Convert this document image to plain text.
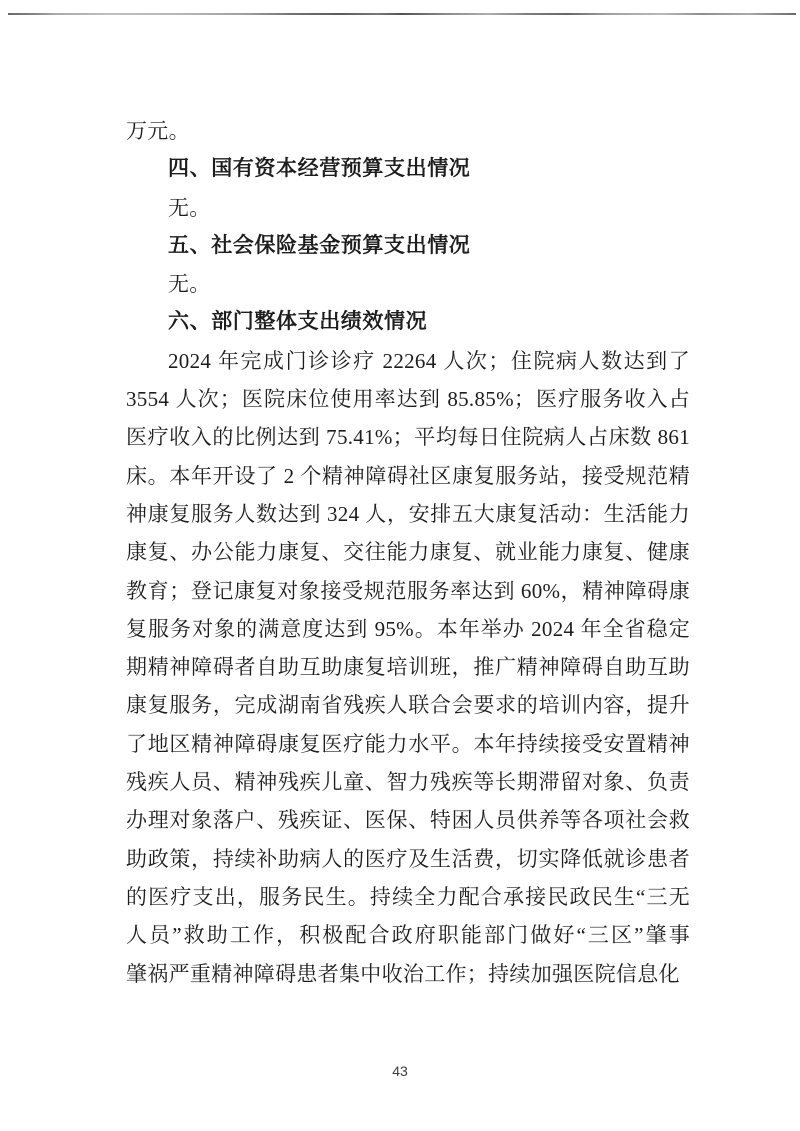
万元。

四、国有资本经营预算支出情况

无。

五、社会保险基金预算支出情况

无。

六、部门整体支出绩效情况

2024 年完成门诊诊疗 22264 人次；住院病人数达到了

3554 人次；医院床位使用率达到 85.85%；医疗服务收入占

医疗收入的比例达到 75.41%；平均每日住院病人占床数 861

床。本年开设了 2 个精神障碍社区康复服务站，接受规范精

神康复服务人数达到 324 人，安排五大康复活动：生活能力

康复、办公能力康复、交往能力康复、就业能力康复、健康

教育；登记康复对象接受规范服务率达到 60%，精神障碍康

复服务对象的满意度达到 95%。本年举办 2024 年全省稳定

期精神障碍者自助互助康复培训班，推广精神障碍自助互助

康复服务，完成湖南省残疾人联合会要求的培训内容，提升

了地区精神障碍康复医疗能力水平。本年持续接受安置精神

残疾人员、精神残疾儿童、智力残疾等长期滞留对象、负责

办理对象落户、残疾证、医保、特困人员供养等各项社会救

助政策，持续补助病人的医疗及生活费，切实降低就诊患者

的医疗支出，服务民生。持续全力配合承接民政民生“三无

人员”救助工作，积极配合政府职能部门做好“三区”肇事

肇祸严重精神障碍患者集中收治工作；持续加强医院信息化

43
